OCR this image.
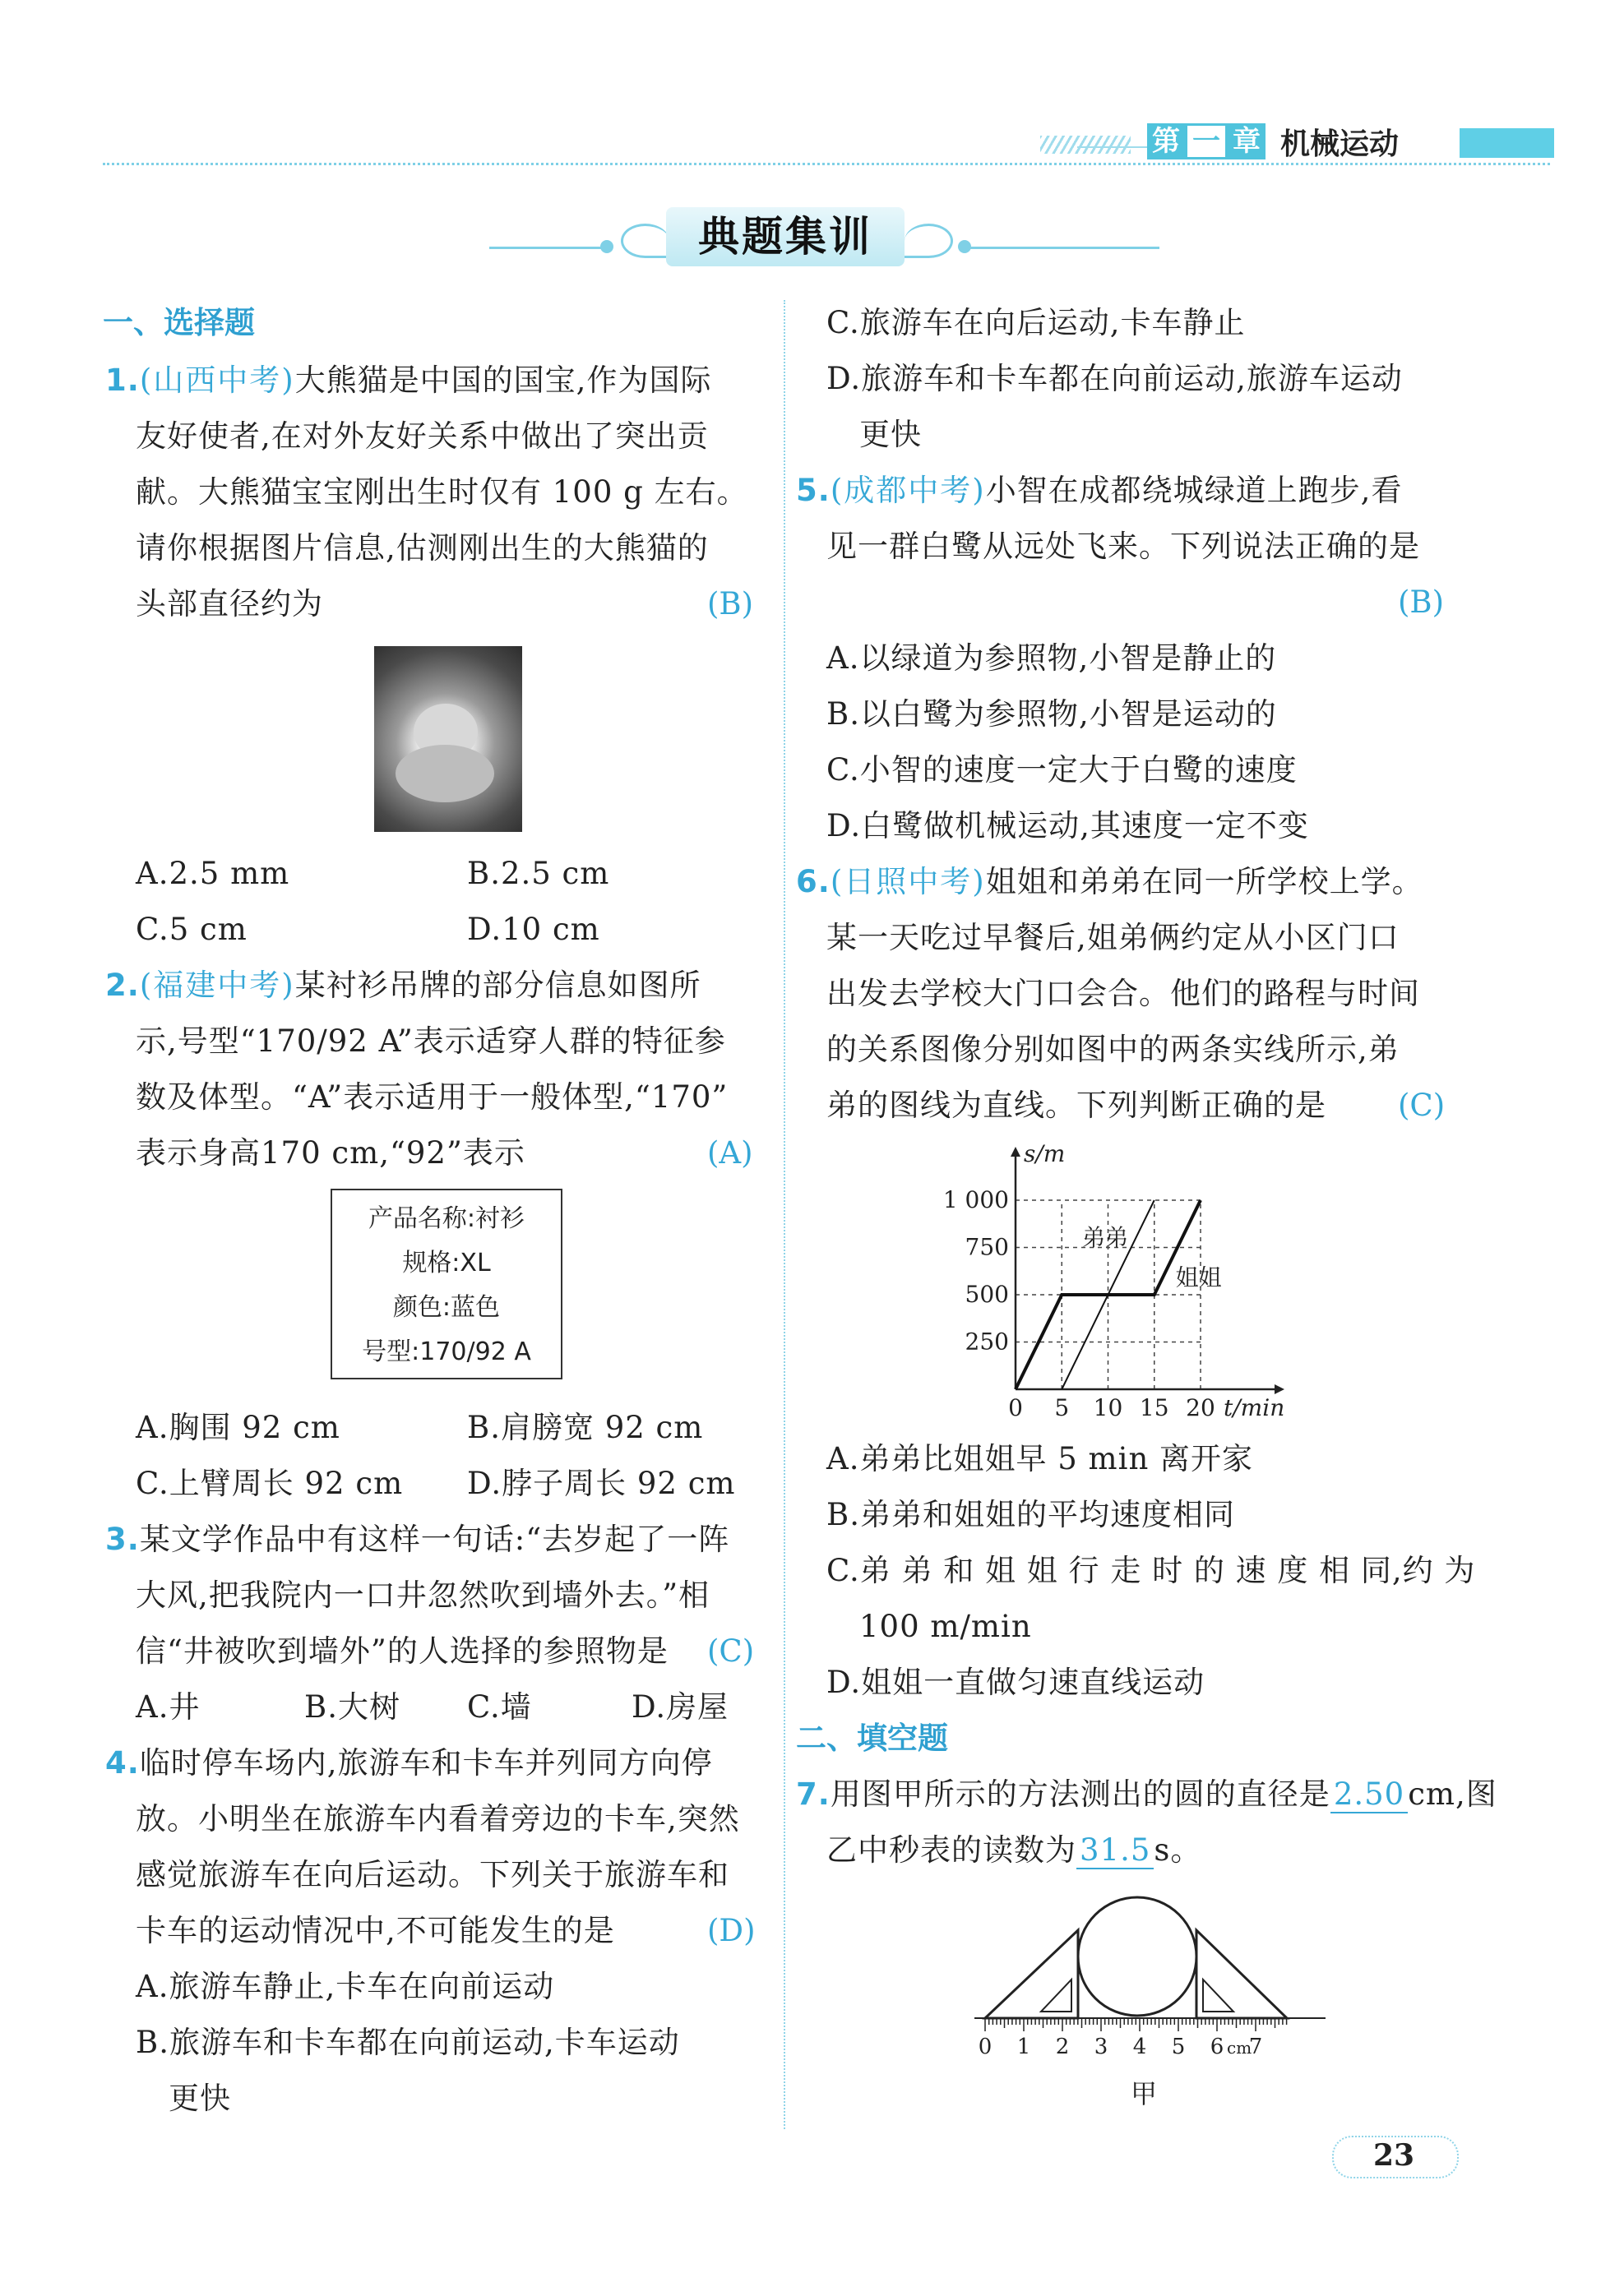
第 一 章 机械运动
典题集训
一、选择题
1.(山西中考)大熊猫是中国的国宝,作为国际
友好使者,在对外友好关系中做出了突出贡
献。大熊猫宝宝刚出生时仅有 100 g 左右。
请你根据图片信息,估测刚出生的大熊猫的
头部直径约为	(B)
A.2.5 mm	B.2.5 cm
C.5 cm	D.10 cm
2.(福建中考)某衬衫吊牌的部分信息如图所
示,号型“170/92 A”表示适穿人群的特征参
数及体型。“A”表示适用于一般体型,“170”
表示身高170 cm,“92”表示	(A)
产品名称:衬衫
规格:XL
颜色:蓝色
号型:170/92 A
A.胸围 92 cm	B.肩膀宽 92 cm
C.上臂周长 92 cm D.脖子周长 92 cm
3.某文学作品中有这样一句话:“去岁起了一阵
大风,把我院内一口井忽然吹到墙外去。”相
信“井被吹到墙外”的人选择的参照物是 (C)
A.井	B.大树 C.墙	D.房屋
4.临时停车场内,旅游车和卡车并列同方向停
放。小明坐在旅游车内看着旁边的卡车,突然
感觉旅游车在向后运动。下列关于旅游车和
卡车的运动情况中,不可能发生的是	(D)
A.旅游车静止,卡车在向前运动
B.旅游车和卡车都在向前运动,卡车运动
更快
C.旅游车在向后运动,卡车静止
D.旅游车和卡车都在向前运动,旅游车运动
更快
5.(成都中考)小智在成都绕城绿道上跑步,看
见一群白鹭从远处飞来。下列说法正确的是
(B)
A.以绿道为参照物,小智是静止的
B.以白鹭为参照物,小智是运动的
C.小智的速度一定大于白鹭的速度
D.白鹭做机械运动,其速度一定不变
6.(日照中考)姐姐和弟弟在同一所学校上学。
某一天吃过早餐后,姐弟俩约定从小区门口
出发去学校大门口会合。他们的路程与时间
的关系图像分别如图中的两条实线所示,弟
弟的图线为直线。下列判断正确的是 (C)
0 5 10 15 20
250
500
750
1 000
t/min
s/m
弟弟
姐姐
A.弟弟比姐姐早 5 min 离开家
B.弟弟和姐姐的平均速度相同
C.弟 弟 和 姐 姐 行 走 时 的 速 度 相 同,约 为
100 m/min
D.姐姐一直做匀速直线运动
二、填空题
7.用图甲所示的方法测出的圆的直径是 2.50 cm,图
乙中秒表的读数为 31.5 s。
0 1 2 3 4 5 6 7
cm
甲
23
